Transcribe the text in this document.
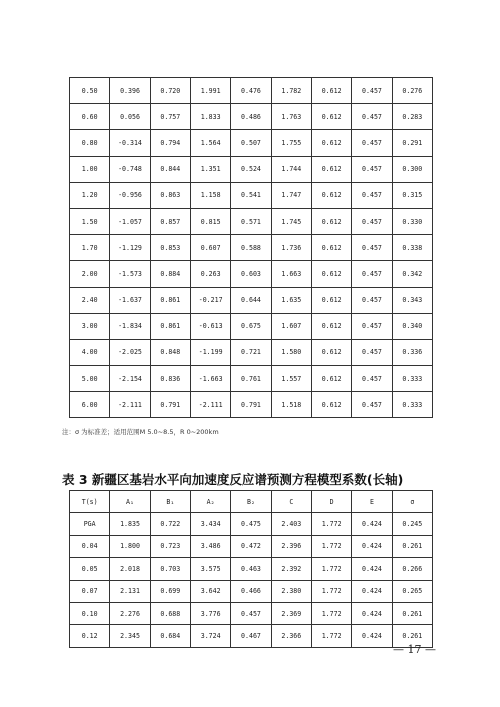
0.50	0.396	0.720	1.991	0.476	1.782	0.612	0.457	0.276
0.60	0.056	0.757	1.833	0.486	1.763	0.612	0.457	0.283
0.80	-0.314	0.794	1.564	0.507	1.755	0.612	0.457	0.291
1.00	-0.748	0.844	1.351	0.524	1.744	0.612	0.457	0.300
1.20	-0.956	0.863	1.158	0.541	1.747	0.612	0.457	0.315
1.50	-1.057	0.857	0.815	0.571	1.745	0.612	0.457	0.330
1.70	-1.129	0.853	0.607	0.588	1.736	0.612	0.457	0.338
2.00	-1.573	0.884	0.263	0.603	1.663	0.612	0.457	0.342
2.40	-1.637	0.861	-0.217	0.644	1.635	0.612	0.457	0.343
3.00	-1.834	0.861	-0.613	0.675	1.607	0.612	0.457	0.340
4.00	-2.025	0.848	-1.199	0.721	1.580	0.612	0.457	0.336
5.00	-2.154	0.836	-1.663	0.761	1.557	0.612	0.457	0.333
6.00	-2.111	0.791	-2.111	0.791	1.518	0.612	0.457	0.333
注：σ 为标准差；适用范围M 5.0~8.5，R 0~200km
表 3 新疆区基岩水平向加速度反应谱预测方程模型系数(长轴)
T(s)	A₁	B₁	A₂	B₂	C	D	E	σ
PGA	1.835	0.722	3.434	0.475	2.403	1.772	0.424	0.245
0.04	1.800	0.723	3.486	0.472	2.396	1.772	0.424	0.261
0.05	2.018	0.703	3.575	0.463	2.392	1.772	0.424	0.266
0.07	2.131	0.699	3.642	0.466	2.380	1.772	0.424	0.265
0.10	2.276	0.688	3.776	0.457	2.369	1.772	0.424	0.261
0.12	2.345	0.684	3.724	0.467	2.366	1.772	0.424	0.261
— 17 —
